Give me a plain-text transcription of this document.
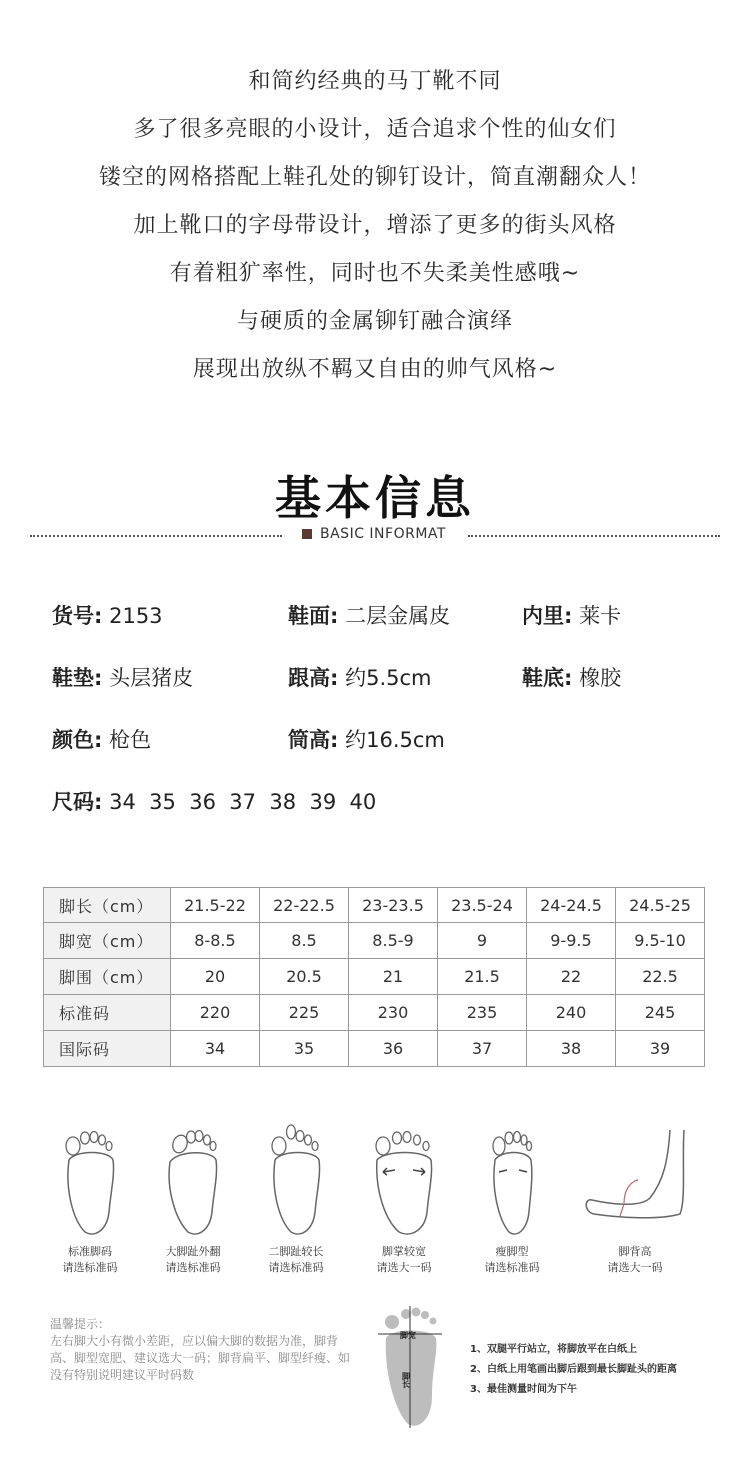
和简约经典的马丁靴不同

多了很多亮眼的小设计，适合追求个性的仙女们

镂空的网格搭配上鞋孔处的铆钉设计，简直潮翻众人！

加上靴口的字母带设计，增添了更多的街头风格

有着粗犷率性，同时也不失柔美性感哦~

与硬质的金属铆钉融合演绎

展现出放纵不羁又自由的帅气风格~

基本信息
BASIC INFORMAT
货号: 2153	鞋面: 二层金属皮	内里: 莱卡
鞋垫: 头层猪皮	跟高: 约5.5cm	鞋底: 橡胶
颜色: 枪色	筒高: 约16.5cm
尺码: 34  35  36  37  38  39  40
脚长（cm）	21.5-22	22-22.5	23-23.5	23.5-24	24-24.5	24.5-25
脚宽（cm）	8-8.5	8.5	8.5-9	9	9-9.5	9.5-10
脚围（cm）	20	20.5	21	21.5	22	22.5
标准码	220	225	230	235	240	245
国际码	34	35	36	37	38	39
标准脚码
请选标准码
大脚趾外翻
请选标准码
二脚趾较长
请选标准码
脚掌较宽
请选大一码
瘦脚型
请选标准码
脚背高
请选大一码
温馨提示：
左右脚大小有微小差距，应以偏大脚的数据为准，脚背高、脚型宽肥、建议选大一码；脚背扁平、脚型纤瘦、如没有特别说明建议平时码数
脚宽
脚长
1、双腿平行站立，将脚放平在白纸上
2、白纸上用笔画出脚后跟到最长脚趾头的距离
3、最佳测量时间为下午
